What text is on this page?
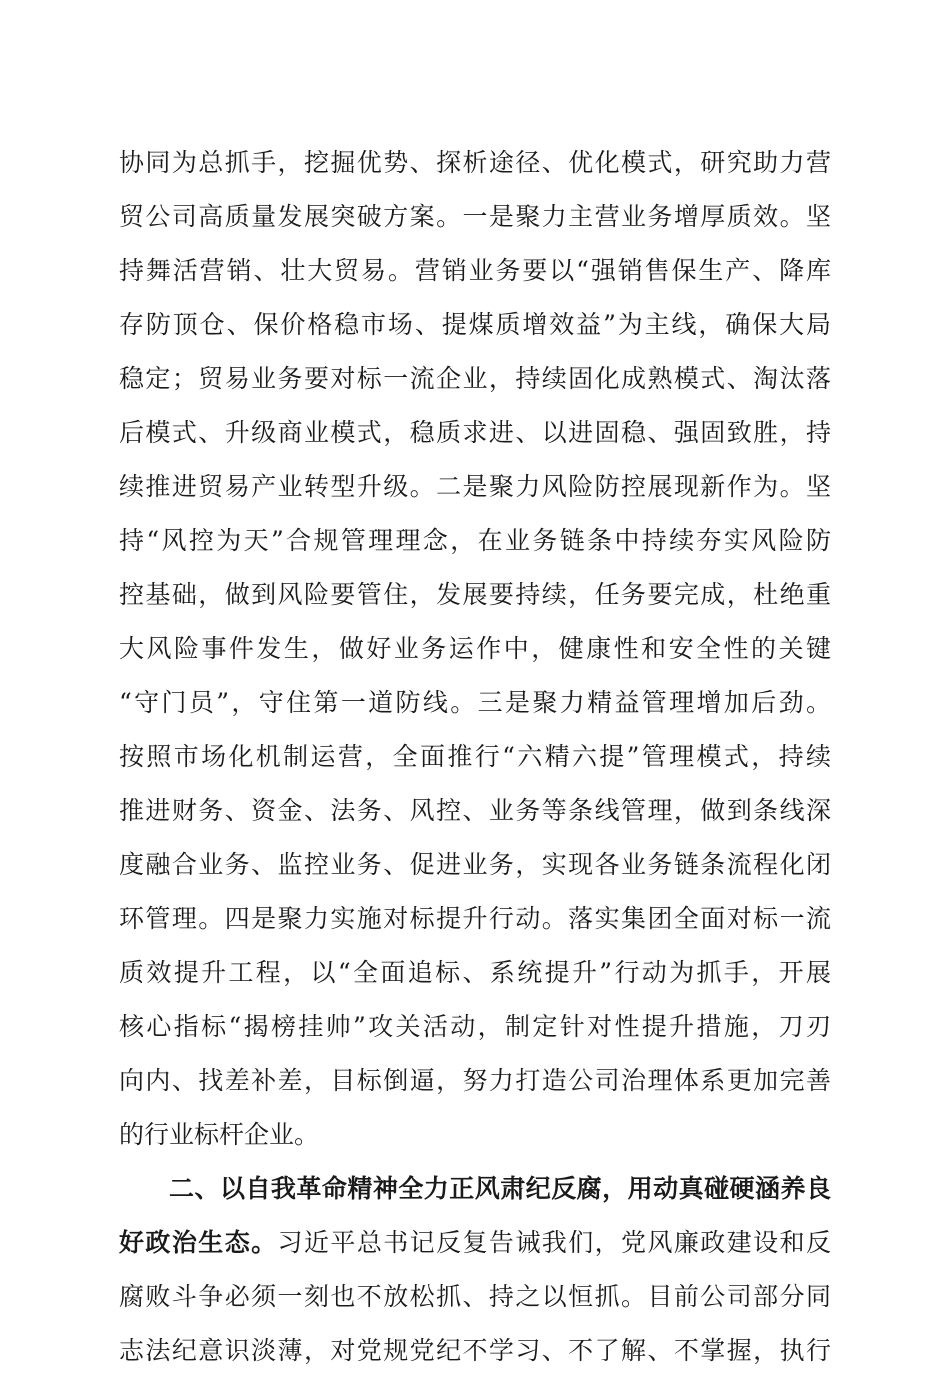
协同为总抓手，挖掘优势、探析途径、优化模式，研究助力营
贸公司高质量发展突破方案。一是聚力主营业务增厚质效。坚
持舞活营销、壮大贸易。营销业务要以“强销售保生产、降库
存防顶仓、保价格稳市场、提煤质增效益”为主线，确保大局
稳定；贸易业务要对标一流企业，持续固化成熟模式、淘汰落
后模式、升级商业模式，稳质求进、以进固稳、强固致胜，持
续推进贸易产业转型升级。二是聚力风险防控展现新作为。坚
持“风控为天”合规管理理念，在业务链条中持续夯实风险防
控基础，做到风险要管住，发展要持续，任务要完成，杜绝重
大风险事件发生，做好业务运作中，健康性和安全性的关键
“守门员”，守住第一道防线。三是聚力精益管理增加后劲。
按照市场化机制运营，全面推行“六精六提”管理模式，持续
推进财务、资金、法务、风控、业务等条线管理，做到条线深
度融合业务、监控业务、促进业务，实现各业务链条流程化闭
环管理。四是聚力实施对标提升行动。落实集团全面对标一流
质效提升工程，以“全面追标、系统提升”行动为抓手，开展
核心指标“揭榜挂帅”攻关活动，制定针对性提升措施，刀刃
向内、找差补差，目标倒逼，努力打造公司治理体系更加完善
的行业标杆企业。
二、以自我革命精神全力正风肃纪反腐，用动真碰硬涵养良
好政治生态。习近平总书记反复告诫我们，党风廉政建设和反
腐败斗争必须一刻也不放松抓、持之以恒抓。目前公司部分同
志法纪意识淡薄，对党规党纪不学习、不了解、不掌握，执行
